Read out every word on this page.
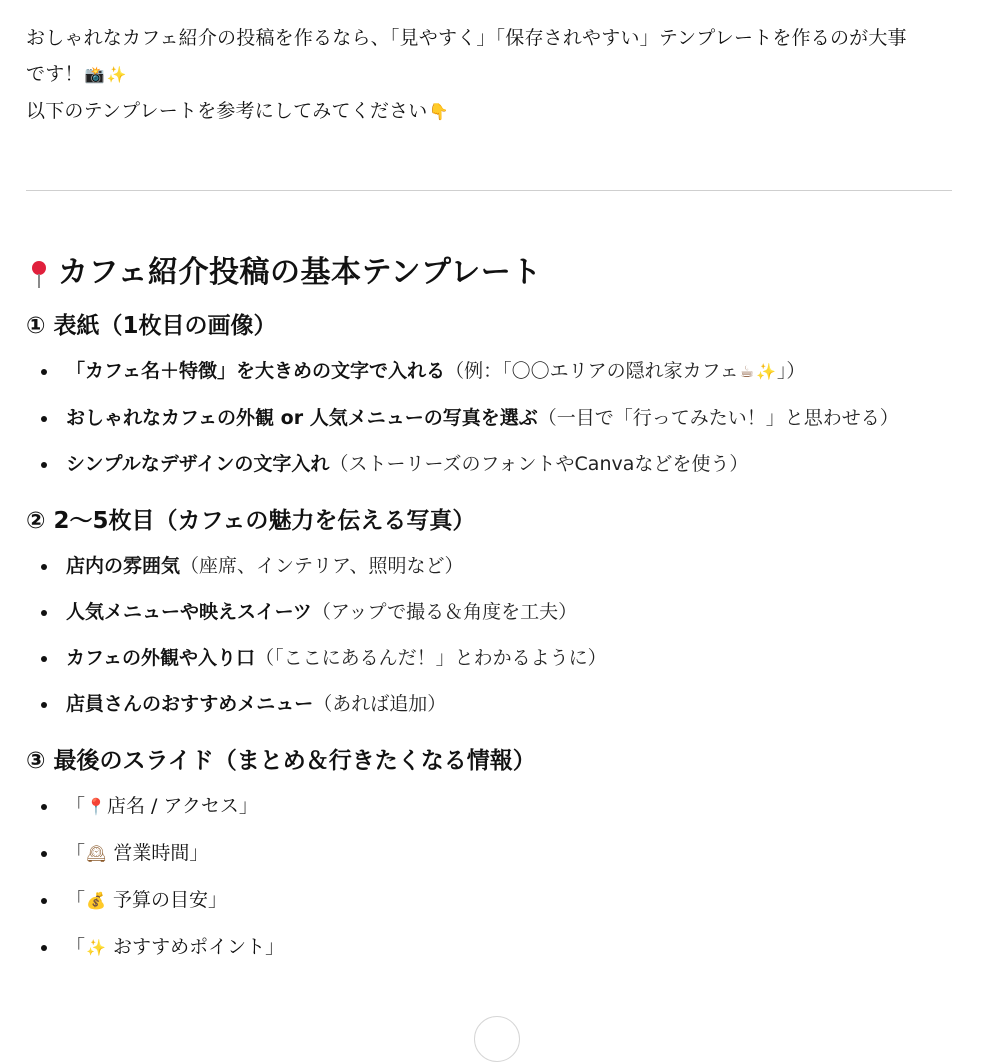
おしゃれなカフェ紹介の投稿を作るなら、「見やすく」「保存されやすい」テンプレートを作るのが大事

です！📸 ✨

以下のテンプレートを参考にしてみてください👇

カフェ紹介投稿の基本テンプレート
① 表紙（1枚目の画像）
「カフェ名＋特徴」を大きめの文字で入れる（例：「〇〇エリアの隠れ家カフェ☕ ✨」）
おしゃれなカフェの外観 or 人気メニューの写真を選ぶ（一目で「行ってみたい！」と思わせる）
シンプルなデザインの文字入れ（ストーリーズのフォントやCanvaなどを使う）
② 2〜5枚目（カフェの魅力を伝える写真）
店内の雰囲気（座席、インテリア、照明など）
人気メニューや映えスイーツ（アップで撮る＆角度を工夫）
カフェの外観や入り口（「ここにあるんだ！」とわかるように）
店員さんのおすすめメニュー（あれば追加）
③ 最後のスライド（まとめ＆行きたくなる情報）
「📍店名 / アクセス」
「🕰 営業時間」
「💰 予算の目安」
「✨ おすすめポイント」
